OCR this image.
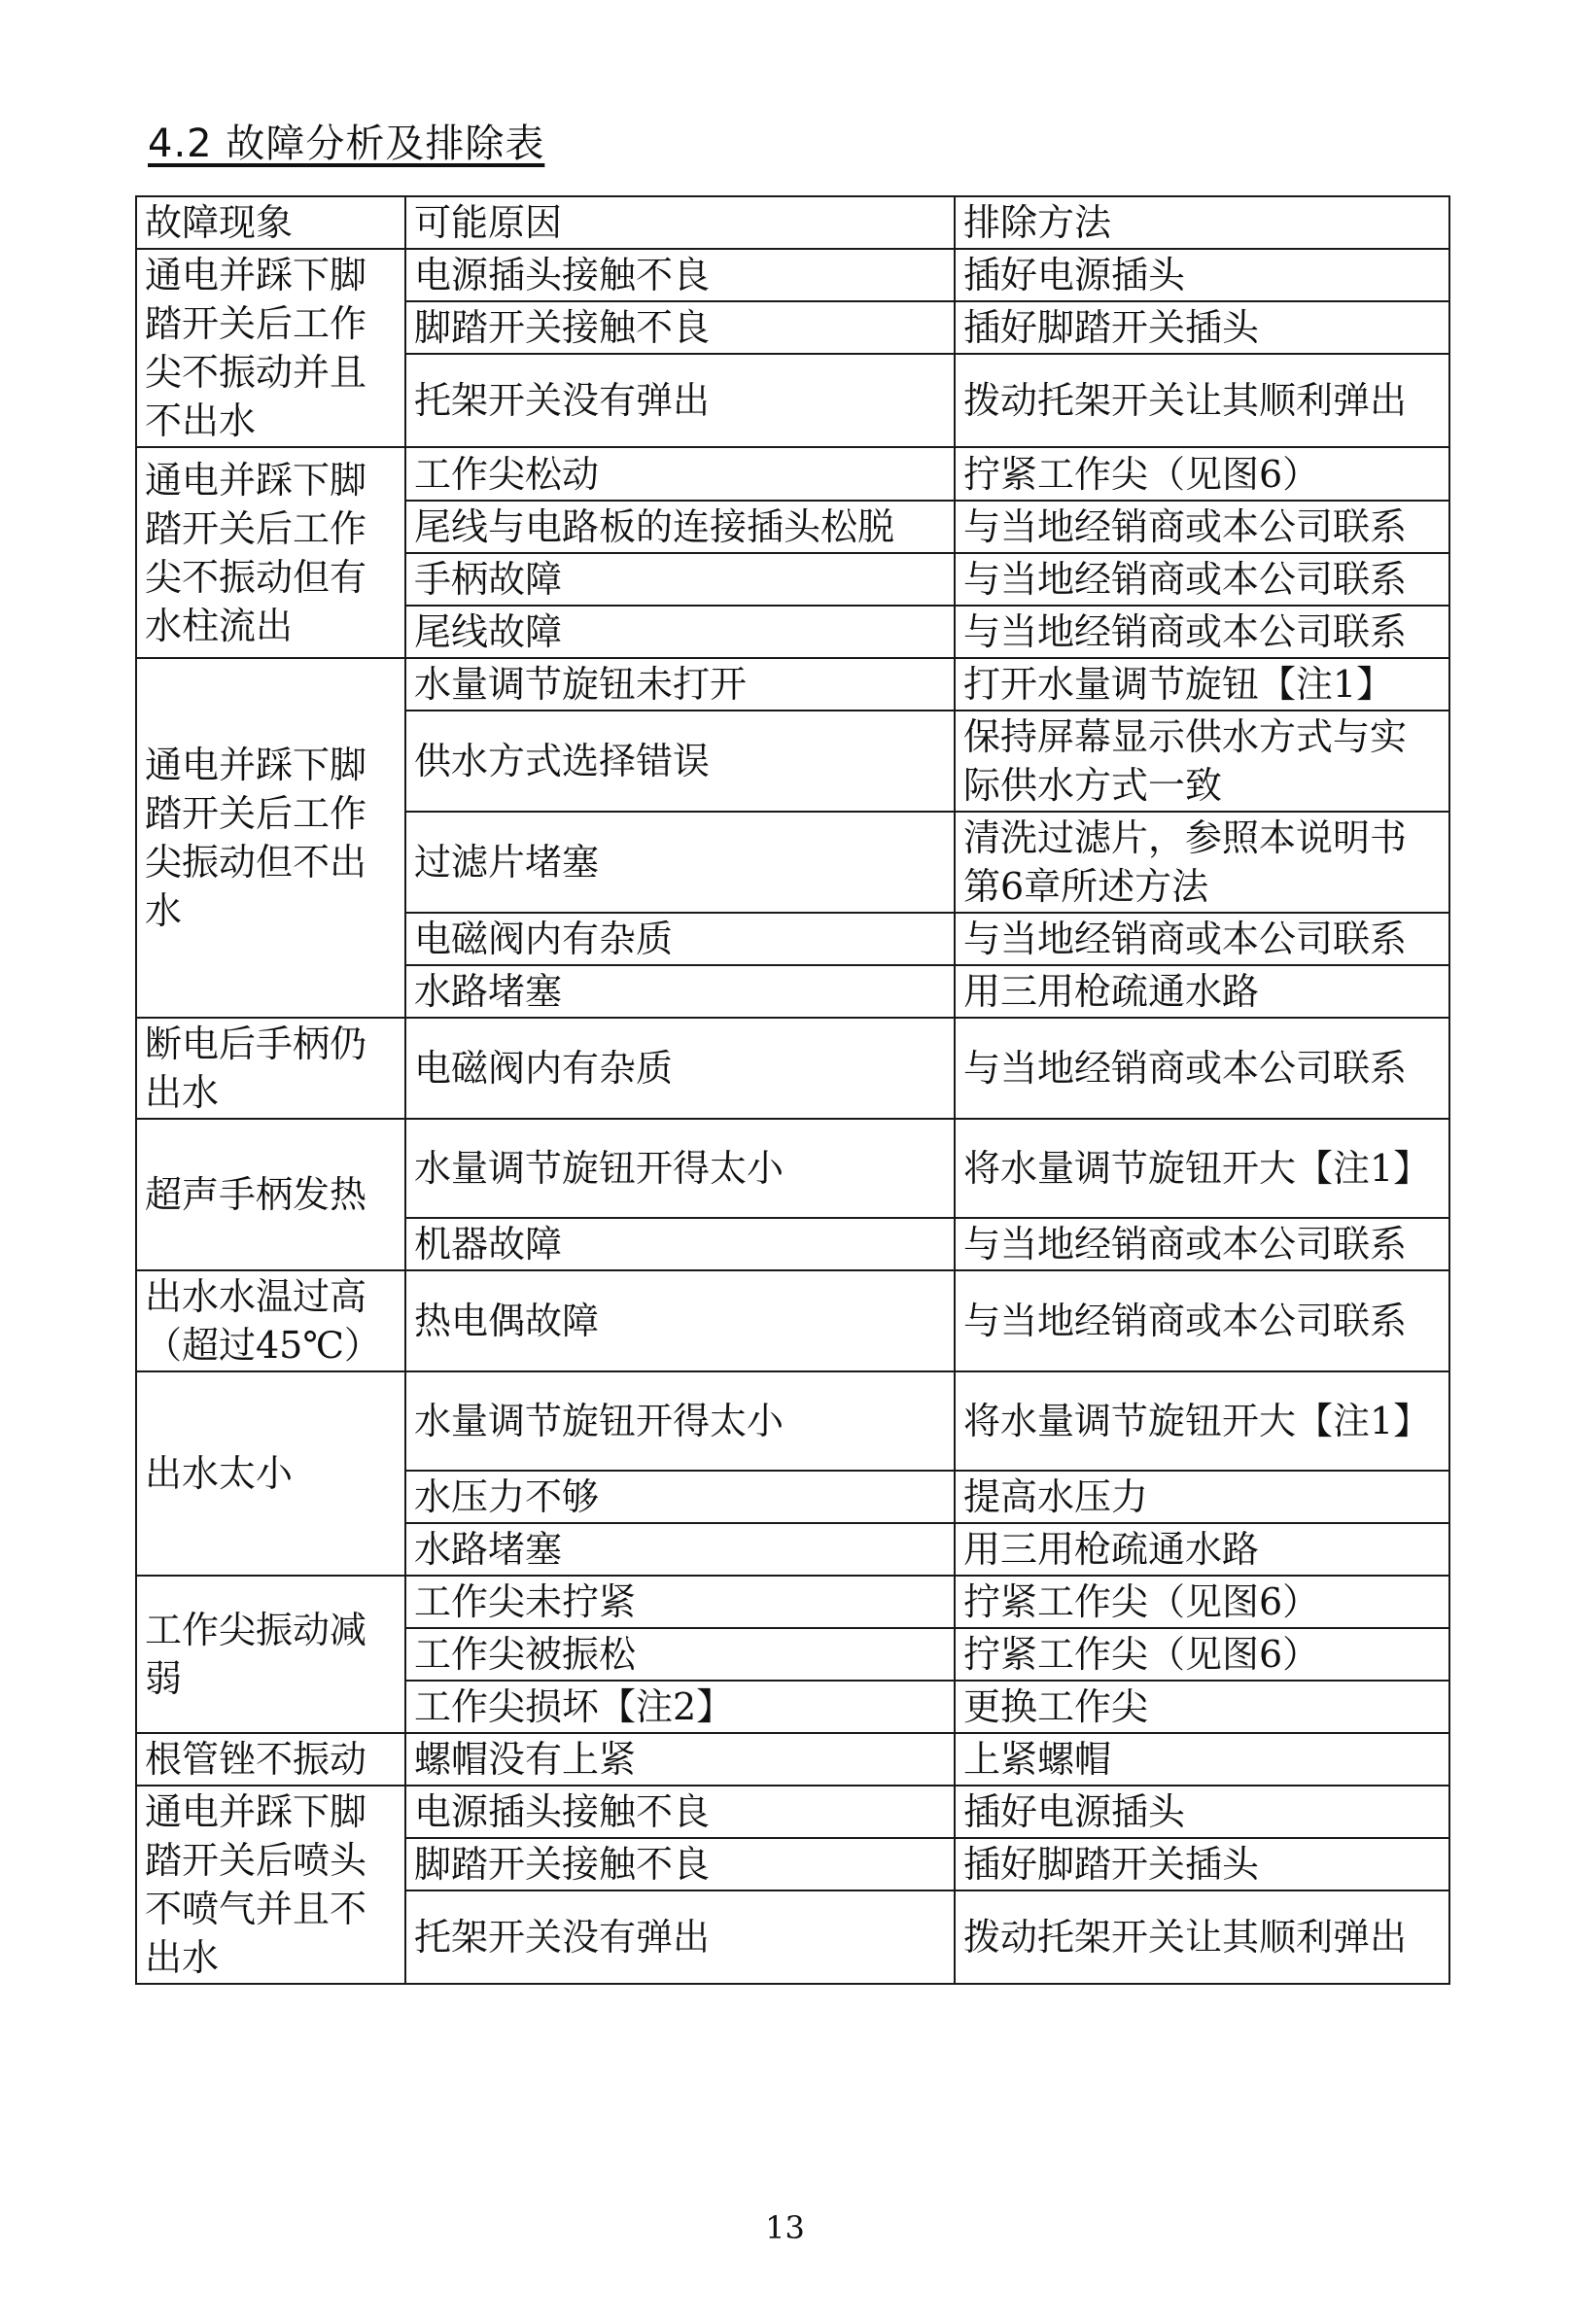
4.2 故障分析及排除表
故障现象	可能原因	排除方法
通电并踩下脚踏开关后工作尖不振动并且不出水	电源插头接触不良	插好电源插头
	脚踏开关接触不良	插好脚踏开关插头
	托架开关没有弹出	拨动托架开关让其顺利弹出
通电并踩下脚踏开关后工作尖不振动但有水柱流出	工作尖松动	拧紧工作尖（见图6）
	尾线与电路板的连接插头松脱	与当地经销商或本公司联系
	手柄故障	与当地经销商或本公司联系
	尾线故障	与当地经销商或本公司联系
通电并踩下脚踏开关后工作尖振动但不出水	水量调节旋钮未打开	打开水量调节旋钮【注1】
	供水方式选择错误	保持屏幕显示供水方式与实际供水方式一致
	过滤片堵塞	清洗过滤片，参照本说明书第6章所述方法
	电磁阀内有杂质	与当地经销商或本公司联系
	水路堵塞	用三用枪疏通水路
断电后手柄仍出水	电磁阀内有杂质	与当地经销商或本公司联系
超声手柄发热	水量调节旋钮开得太小	将水量调节旋钮开大【注1】
	机器故障	与当地经销商或本公司联系
出水水温过高（超过45℃）	热电偶故障	与当地经销商或本公司联系
出水太小	水量调节旋钮开得太小	将水量调节旋钮开大【注1】
	水压力不够	提高水压力
	水路堵塞	用三用枪疏通水路
工作尖振动减弱	工作尖未拧紧	拧紧工作尖（见图6）
	工作尖被振松	拧紧工作尖（见图6）
	工作尖损坏【注2】	更换工作尖
根管锉不振动	螺帽没有上紧	上紧螺帽
通电并踩下脚踏开关后喷头不喷气并且不出水	电源插头接触不良	插好电源插头
	脚踏开关接触不良	插好脚踏开关插头
	托架开关没有弹出	拨动托架开关让其顺利弹出
13
